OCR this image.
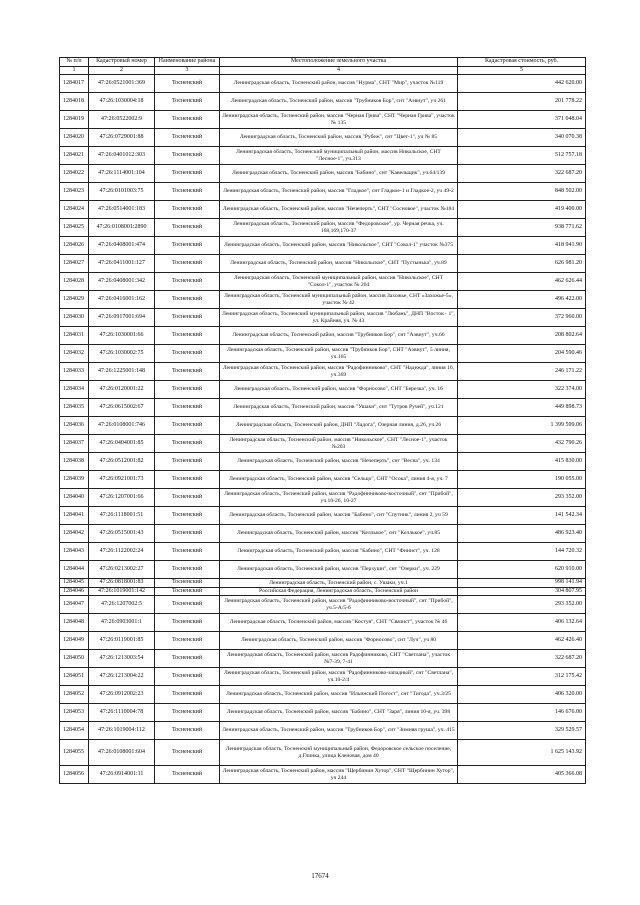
№ п/п	Кадастровый номер	Наименование района	Местоположение земельного участка	Кадастровая стоимость, руб.
1	2	3	4	5
1284017	47:26:0521001:369	Тосненский	Ленинградская область, Тосненский район, массив "Нурма", СНТ "Мир", участок №119	442 620.00
1284018	47:26:1030004:18	Тосненский	Ленинградская область, Тосненский район, массив "Трубников Бор", снт "Аэвиут", уч 261	201 778.22
1284019	47:26:0522002:9	Тосненский	Ленинградская область, Тосненский район, массив "Черная Грива", СНТ "Черная Грива", участок № 135	371 048.04
1284020	47:26:0729001:88	Тосненский	Ленинградская область, Тосненский район, массив "Рубеж", снт "Цвет-1", уч № 85	340 070.38
1284021	47:26:0401012:303	Тосненский	Ленинградская область, Тосненский муниципальный район, массив Никольское, СНТ "Лесное-1", уч.313	512 757.18
1284022	47:26:1114001:104	Тосненский	Ленинградская область, Тосненский район, массив "Бабино", снт "Кавельщик", уч.64/139	322 687.20
1284023	47:26:0101003:75	Тосненский	Ленинградская область, Тосненский район, массив "Гладкое", снт Гладкое-1 и Гладкое-2, уч 49-2	848 502.00
1284024	47:26:0514001:183	Тосненский	Ленинградская область, Тосненский район, массив "Нечеперть", СНТ "Сосновое", участок №184	419 400.00
1284025	47:26:0108001:2890	Тосненский	Ленинградская область, Тосненский район, массив "Федоровское", ур. Черная речка, уч. 168,169,170-37	938 771.62
1284026	47:26:0408001:474	Тосненский	Ленинградская область, Тосненский район, массив "Никольское", СНТ "Сокол-1" участок №375	418 941.90
1284027	47:26:0411001:127	Тосненский	Ленинградская область, Тосненский район, массив "Никольское", СНТ "Пустынька", уч.89	626 981.20
1284028	47:26:0408001:342	Тосненский	Ленинградская область, Тосненский муниципальный район, массив "Никольское", СНТ "Сокол-1", участок № 264	462 626.44
1284029	47:26:0416001:162	Тосненский	Ленинградская область, Тосненский муниципальный район, массив Захожье, СНТ «Захожье-5», участок № 42	496 422.00
1284030	47:26:0917001:694	Тосненский	Ленинградская область, Тосненский муниципальный район, массив "Любань", ДНП "Восток - 1", ул. Крайняя, уч. № 43	372 960.00
1284031	47:26:1030001:66	Тосненский	Ленинградская область, Тосненский район, массив "Трубников Бор", снт "Аэвиут", уч.66	208 802.64
1284032	47:26:1030002:75	Тосненский	Ленинградская область, Тосненский район, массив "Трубников Бор", СНТ "Аэвиут", 5 линия, уч.165	204 590.46
1284033	47:26:1225001:148	Тосненский	Ленинградская область, Тосненский район, массив "Радофинниково", СНТ "Надежда", линия 16, уч.369	246 171.22
1284034	47:26:0120001:22	Тосненский	Ленинградская область, Тосненский район, массив "Форносово", СНТ "Березка", уч. 16	322 374.00
1284035	47:26:0615002:67	Тосненский	Ленинградская область, Тосненский район, массив "Ушаки", снт "Тутров Ручей", уч.121	449 898.73
1284036	47:26:0108001:746	Тосненский	Ленинградская область, Тосненский район, ДНП "Ладога", Озерная линия, д.26, уч.26	1 399 599.06
1284037	47:26:0404001:85	Тосненский	Ленинградская область, Тосненский район, массив "Никольское", СНТ "Лесное-1", участок №203	432 790.26
1284038	47:26:0512001:82	Тосненский	Ленинградская область, Тосненский район, массив "Нечеперть", снт "Весна", уч. 134	415 830.00
1284039	47:26:0921001:73	Тосненский	Ленинградская область, Тосненский район, массив "Сельцо", СНТ "Осока", линия 4-я, уч. 7	190 055.00
1284040	47:26:1207001:66	Тосненский	Ленинградская область, Тосненский район, массив "Радофинниково-восточный", снт "Прибой", уч.10-26, 10-27	293 352.00
1284041	47:26:1118001:51	Тосненский	Ленинградская область, Тосненский район, массив "Бабино", снт "Спутник", линия 2, уч 59	141 542.34
1284042	47:26:0515001:43	Тосненский	Ленинградская область, Тосненский район, массив "Келлькое", снт "Келлькое", уч.85	486 923.40
1284043	47:26:1122002:24	Тосненский	Ленинградская область, Тосненский район, массив "Бабино", СНТ "Финист", уч. 128	144 720.32
1284044	47:26:0213002:27	Тосненский	Ленинградская область, Тосненский район, массив "Перхуши", снт "Озерки", уч. 229	620 910.00
1284045	47:26:0818001:83	Тосненский	Ленинградская область, Тосненский район, с. Ушаки, уч.1	998 141.94
1284046	47:26:1019001:142	Тосненский	Российская Федерация, Ленинградская область, Тосненский район	304 807.95
1284047	47:26:1207002:5	Тосненский	Ленинградская область, Тосненский район, массив "Радофинниково-восточный", снт "Прибой", уч.5-А/5-б	293 352.00
1284048	47:26:0903001:1	Тосненский	Ленинградская область, Тосненский район, массив "Костуя", СНТ "Связист", участок № 46	406 132.64
1284049	47:26:0119001:85	Тосненский	Ленинградская область, Тосненский район, массив "Форносово", снт "Луч", уч 80	462 426.40
1284050	47:26:1213003:54	Тосненский	Ленинградская область, Тосненский район, массив Радофинниково, СНТ "Светлана", участок №7-39, 7-41	322 687.20
1284051	47:26:1213004:22	Тосненский	Ленинградская область, Тосненский район, массив "Радофинниково-западный", снт "Светлана", уч.10-2/4	312 175.42
1284052	47:26:0912002:23	Тосненский	Ленинградская область, Тосненский район, массив "Ильинский Погост", снт "Тигода", уч.3/25	406 320.00
1284053	47:26:1110004:78	Тосненский	Ленинградская область, Тосненский район, массив "Бабино", СНТ "Заря", линия 10-я, уч. 398	146 676.00
1284054	47:26:1019004:112	Тосненский	Ленинградская область, Тосненский район, массив "Трубников Бор", снт "Зимняя груша", уч. 415	329 529.57
1284055	47:26:0108001:604	Тосненский	Ленинградская область, Тосненский муниципальный район, Федоровское сельское поселение, д.Глинка, улица Кленовая, дом 40	1 625 143.92
1284056	47:26:0914001:11	Тосненский	Ленинградская область, Тосненский район, массив "Щербинин Хутор", СНТ "Щербинин Хутор", уч 244	405 366.08
17674
